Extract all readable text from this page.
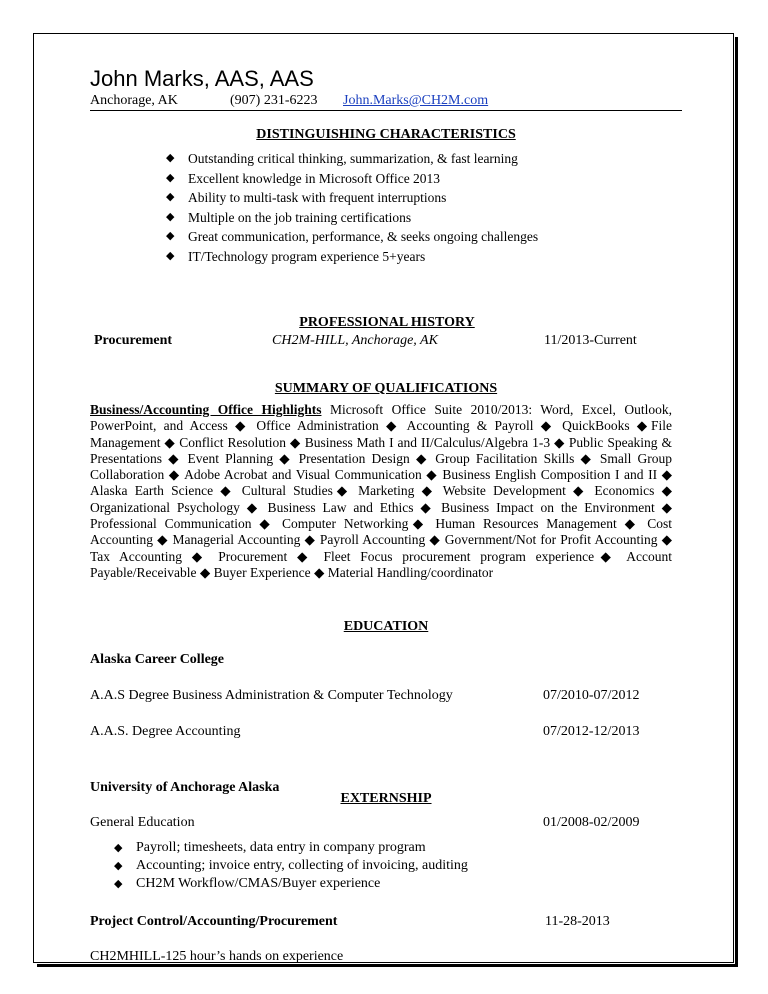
John Marks, AAS, AAS
Anchorage, AK	(907) 231-6223 John.Marks@CH2M.com
DISTINGUISHING CHARACTERISTICS
◆ Outstanding critical thinking, summarization, & fast learning
◆ Excellent knowledge in Microsoft Office 2013
◆ Ability to multi-task with frequent interruptions
◆ Multiple on the job training certifications
◆ Great communication, performance, & seeks ongoing challenges
◆ IT/Technology program experience 5+years
PROFESSIONAL HISTORY
Procurement	CH2M-HILL, Anchorage, AK	11/2013-Current
SUMMARY OF QUALIFICATIONS

Business/Accounting Office Highlights Microsoft Office Suite 2010/2013: Word, Excel, Outlook, PowerPoint, and Access ◆ Office Administration ◆ Accounting & Payroll ◆ QuickBooks ◆File Management ◆ Conflict Resolution ◆ Business Math I and II/Calculus/Algebra 1-3 ◆ Public Speaking & Presentations ◆ Event Planning ◆ Presentation Design ◆ Group Facilitation Skills ◆ Small Group Collaboration ◆ Adobe Acrobat and Visual Communication ◆ Business English Composition I and II ◆ Alaska Earth Science ◆ Cultural Studies◆ Marketing ◆ Website Development ◆ Economics ◆ Organizational Psychology ◆ Business Law and Ethics ◆ Business Impact on the Environment ◆ Professional Communication ◆ Computer Networking◆ Human Resources Management ◆ Cost Accounting ◆ Managerial Accounting ◆ Payroll Accounting ◆ Government/Not for Profit Accounting ◆ Tax Accounting ◆ Procurement ◆ Fleet Focus procurement program experience◆ Account Payable/Receivable ◆ Buyer Experience ◆ Material Handling/coordinator

EDUCATION
Alaska Career College
A.A.S Degree Business Administration & Computer Technology	07/2010-07/2012
A.A.S. Degree Accounting	07/2012-12/2013
University of Anchorage Alaska
General Education	01/2008-02/2009
EXTERNSHIP
Project Control/Accounting/Procurement	11-28-2013
CH2MHILL-125 hour’s hands on experience
◆ Payroll; timesheets, data entry in company program
◆ Accounting; invoice entry, collecting of invoicing, auditing
◆ CH2M Workflow/CMAS/Buyer experience
